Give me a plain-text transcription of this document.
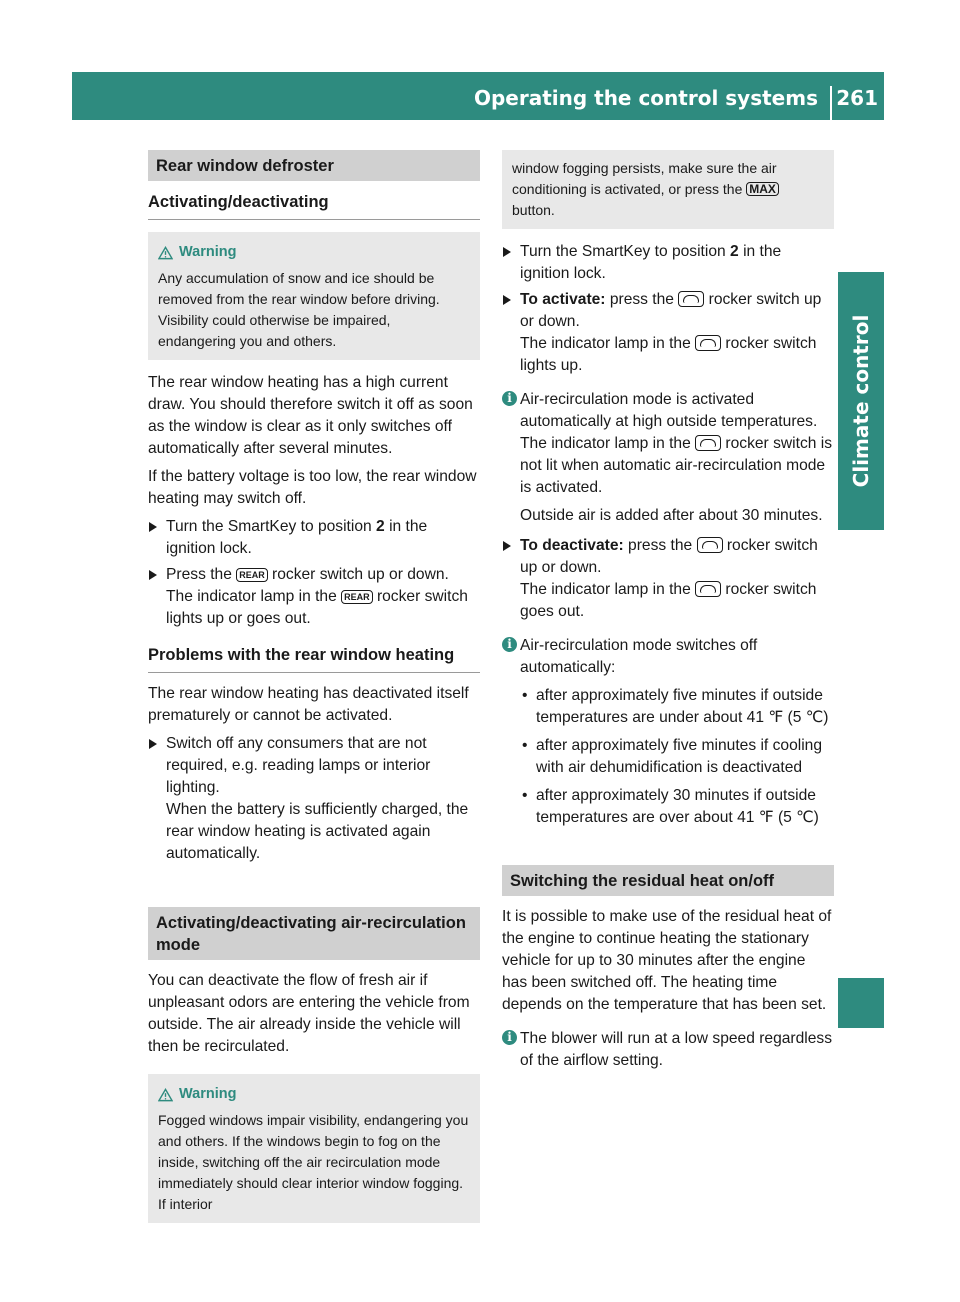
Operating the control systems 261
Climate control
Rear window defroster
Activating/deactivating
Warning

Any accumulation of snow and ice should be removed from the rear window before driving. Visibility could otherwise be impaired, endangering you and others.

The rear window heating has a high current draw. You should therefore switch it off as soon as the window is clear as it only switches off automatically after several minutes.

If the battery voltage is too low, the rear window heating may switch off.

Turn the SmartKey to position 2 in the ignition lock.
Press the REAR rocker switch up or down.
The indicator lamp in the REAR rocker switch lights up or goes out.
Problems with the rear window heating

The rear window heating has deactivated itself prematurely or cannot be activated.

Switch off any consumers that are not required, e.g. reading lamps or interior lighting.
When the battery is sufficiently charged, the rear window heating is activated again automatically.
Activating/deactivating air-recirculation mode

You can deactivate the flow of fresh air if unpleasant odors are entering the vehicle from outside. The air already inside the vehicle will then be recirculated.

Warning

Fogged windows impair visibility, endangering you and others. If the windows begin to fog on the inside, switching off the air recirculation mode immediately should clear interior window fogging. If interior

window fogging persists, make sure the air conditioning is activated, or press the MAX button.
Turn the SmartKey to position 2 in the ignition lock.
To activate: press the  rocker switch up or down.
The indicator lamp in the  rocker switch lights up.
i Air-recirculation mode is activated automatically at high outside temperatures. The indicator lamp in the  rocker switch is not lit when automatic air-recirculation mode is activated.

Outside air is added after about 30 minutes.

To deactivate: press the  rocker switch up or down.
The indicator lamp in the  rocker switch goes out.
i Air-recirculation mode switches off automatically:
• after approximately five minutes if outside temperatures are under about 41 ℉ (5 ℃)
• after approximately five minutes if cooling with air dehumidification is deactivated
• after approximately 30 minutes if outside temperatures are over about 41 ℉ (5 ℃)
Switching the residual heat on/off

It is possible to make use of the residual heat of the engine to continue heating the stationary vehicle for up to 30 minutes after the engine has been switched off. The heating time depends on the temperature that has been set.

i The blower will run at a low speed regardless of the airflow setting.
